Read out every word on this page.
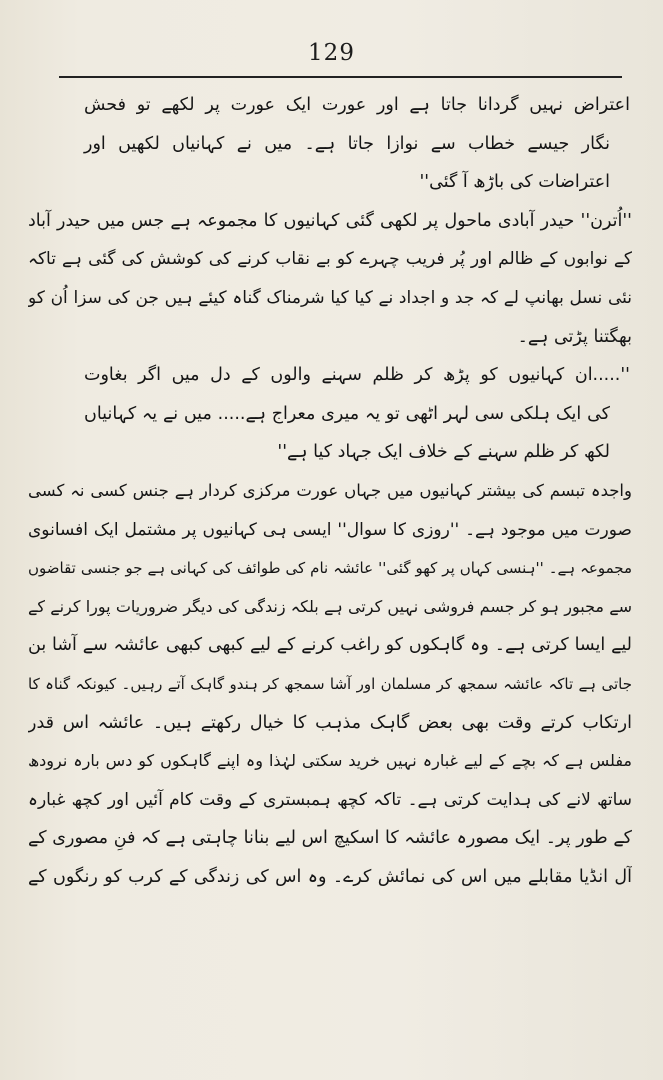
129
اعتراض نہیں گردانا جاتا ہے اور عورت ایک عورت پر لکھے تو فحش
نگار جیسے خطاب سے نوازا جاتا ہے۔ میں نے کہانیاں لکھیں اور
اعتراضات کی باڑھ آ گئی''
''اُترن'' حیدر آبادی ماحول پر لکھی گئی کہانیوں کا مجموعہ ہے جس میں حیدر آباد
کے نوابوں کے ظالم اور پُر فریب چہرے کو بے نقاب کرنے کی کوشش کی گئی ہے تاکہ
نئی نسل بھانپ لے کہ جد و اجداد نے کیا کیا شرمناک گناہ کیئے ہیں جن کی سزا اُن کو
بھگتنا پڑتی ہے۔
''.....ان کہانیوں کو پڑھ کر ظلم سہنے والوں کے دل میں اگر بغاوت
کی ایک ہلکی سی لہر اٹھی تو یہ میری معراج ہے..... میں نے یہ کہانیاں
لکھ کر ظلم سہنے کے خلاف ایک جہاد کیا ہے''
واجدہ تبسم کی بیشتر کہانیوں میں جہاں عورت مرکزی کردار ہے جنس کسی نہ کسی
صورت میں موجود ہے۔ ''روزی کا سوال'' ایسی ہی کہانیوں پر مشتمل ایک افسانوی
مجموعہ ہے۔ ''ہنسی کہاں پر کھو گئی'' عائشہ نام کی طوائف کی کہانی ہے جو جنسی تقاضوں
سے مجبور ہو کر جسم فروشی نہیں کرتی ہے بلکہ زندگی کی دیگر ضروریات پورا کرنے کے
لیے ایسا کرتی ہے۔ وہ گاہکوں کو راغب کرنے کے لیے کبھی کبھی عائشہ سے آشا بن
جاتی ہے تاکہ عائشہ سمجھ کر مسلمان اور آشا سمجھ کر ہندو گاہک آتے رہیں۔ کیونکہ گناہ کا
ارتکاب کرتے وقت بھی بعض گاہک مذہب کا خیال رکھتے ہیں۔ عائشہ اس قدر
مفلس ہے کہ بچے کے لیے غبارہ نہیں خرید سکتی لہٰذا وہ اپنے گاہکوں کو دس بارہ نرودھ
ساتھ لانے کی ہدایت کرتی ہے۔ تاکہ کچھ ہمبستری کے وقت کام آئیں اور کچھ غبارہ
کے طور پر۔ ایک مصورہ عائشہ کا اسکیچ اس لیے بنانا چاہتی ہے کہ فنِ مصوری کے
آل انڈیا مقابلے میں اس کی نمائش کرے۔ وہ اس کی زندگی کے کرب کو رنگوں کے
